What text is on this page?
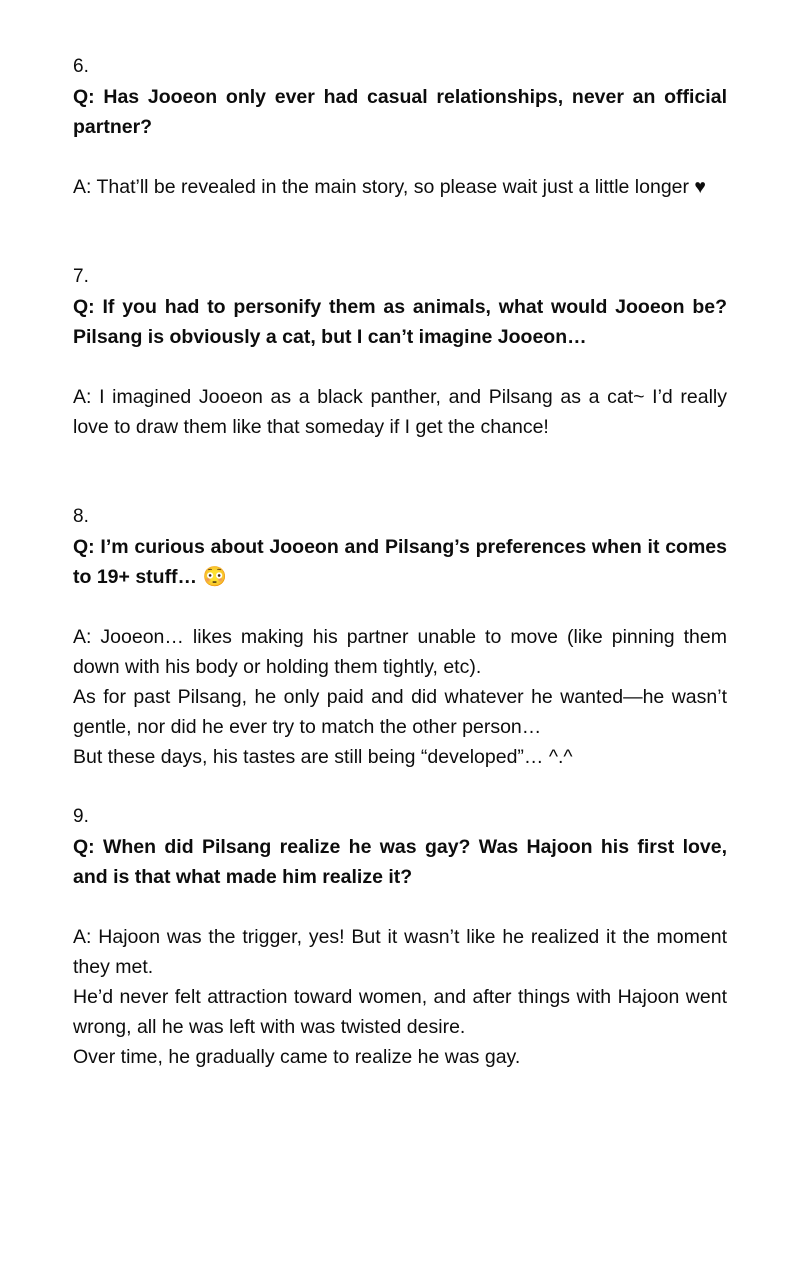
6.

Q: Has Jooeon only ever had casual relationships, never an official partner?

A: That’ll be revealed in the main story, so please wait just a little longer ♥

7.

Q: If you had to personify them as animals, what would Jooeon be? Pilsang is obviously a cat, but I can’t imagine Jooeon…

A: I imagined Jooeon as a black panther, and Pilsang as a cat~ I’d really love to draw them like that someday if I get the chance!

8.

Q: I’m curious about Jooeon and Pilsang’s preferences when it comes to 19+ stuff… 😳

A: Jooeon… likes making his partner unable to move (like pinning them down with his body or holding them tightly, etc).

As for past Pilsang, he only paid and did whatever he wanted—he wasn’t gentle, nor did he ever try to match the other person…

But these days, his tastes are still being “developed”… ^.^

9.

Q: When did Pilsang realize he was gay? Was Hajoon his first love, and is that what made him realize it?

A: Hajoon was the trigger, yes! But it wasn’t like he realized it the moment they met.

He’d never felt attraction toward women, and after things with Hajoon went wrong, all he was left with was twisted desire.

Over time, he gradually came to realize he was gay.
